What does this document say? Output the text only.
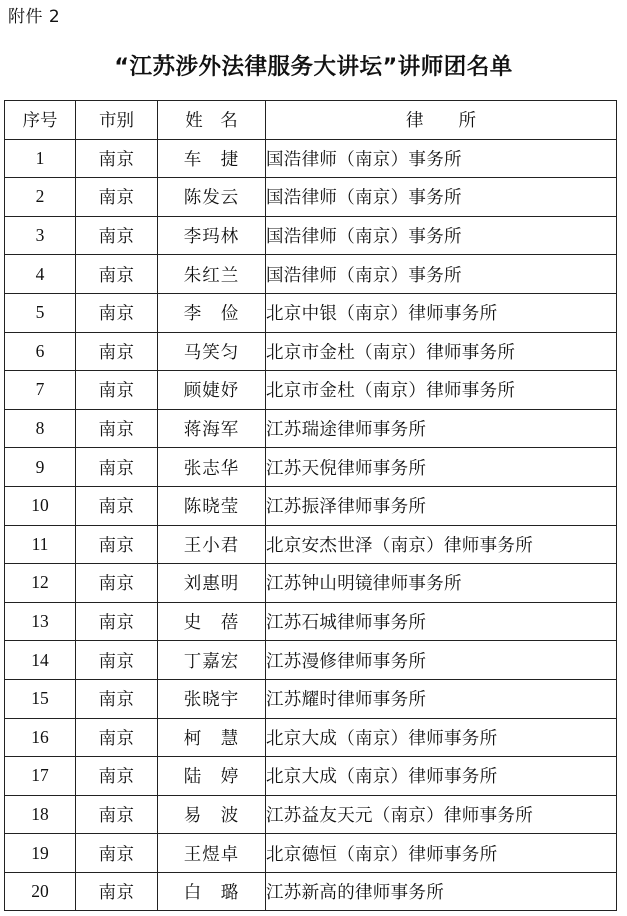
附件 2
“江苏涉外法律服务大讲坛”讲师团名单
序号	市别	姓　名	律　　所
1	南京	车　捷	国浩律师（南京）事务所
2	南京	陈发云	国浩律师（南京）事务所
3	南京	李玛林	国浩律师（南京）事务所
4	南京	朱红兰	国浩律师（南京）事务所
5	南京	李　俭	北京中银（南京）律师事务所
6	南京	马笑匀	北京市金杜（南京）律师事务所
7	南京	顾婕妤	北京市金杜（南京）律师事务所
8	南京	蒋海军	江苏瑞途律师事务所
9	南京	张志华	江苏天倪律师事务所
10	南京	陈晓莹	江苏振泽律师事务所
11	南京	王小君	北京安杰世泽（南京）律师事务所
12	南京	刘惠明	江苏钟山明镜律师事务所
13	南京	史　蓓	江苏石城律师事务所
14	南京	丁嘉宏	江苏漫修律师事务所
15	南京	张晓宇	江苏耀时律师事务所
16	南京	柯　慧	北京大成（南京）律师事务所
17	南京	陆　婷	北京大成（南京）律师事务所
18	南京	易　波	江苏益友天元（南京）律师事务所
19	南京	王煜卓	北京德恒（南京）律师事务所
20	南京	白　璐	江苏新高的律师事务所
